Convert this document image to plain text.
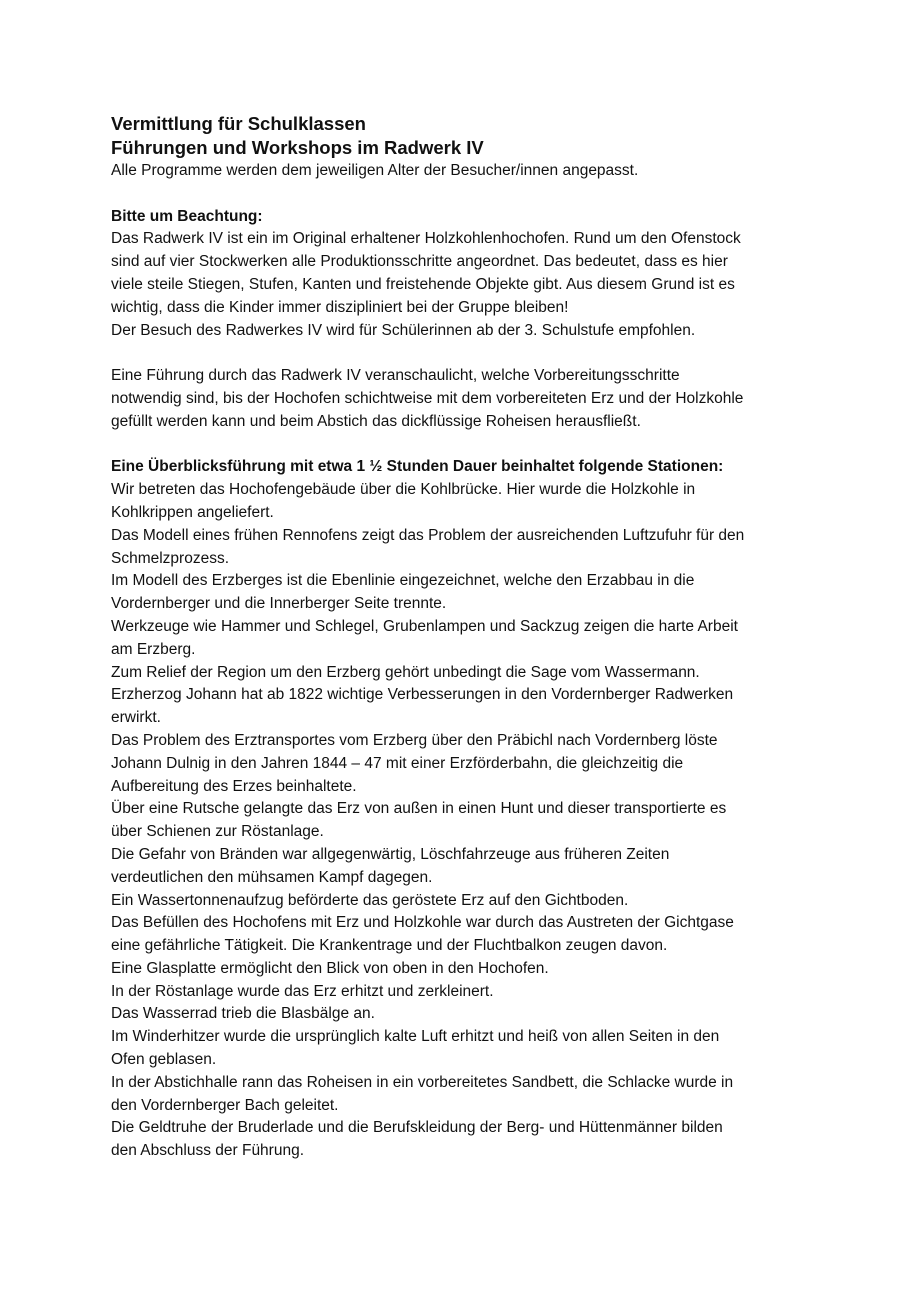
Vermittlung für Schulklassen
Führungen und Workshops im Radwerk IV

Alle Programme werden dem jeweiligen Alter der Besucher/innen angepasst.

Bitte um Beachtung:

Das Radwerk IV ist ein im Original erhaltener Holzkohlenhochofen. Rund um den Ofenstock

sind auf vier Stockwerken alle Produktionsschritte angeordnet. Das bedeutet, dass es hier

viele steile Stiegen, Stufen, Kanten und freistehende Objekte gibt. Aus diesem Grund ist es

wichtig, dass die Kinder immer diszipliniert bei der Gruppe bleiben!

Der Besuch des Radwerkes IV wird für Schülerinnen ab der 3. Schulstufe empfohlen.

Eine Führung durch das Radwerk IV veranschaulicht, welche Vorbereitungsschritte

notwendig sind, bis der Hochofen schichtweise mit dem vorbereiteten Erz und der Holzkohle

gefüllt werden kann und beim Abstich das dickflüssige Roheisen herausfließt.

Eine Überblicksführung mit etwa 1 ½ Stunden Dauer beinhaltet folgende Stationen:

Wir betreten das Hochofengebäude über die Kohlbrücke. Hier wurde die Holzkohle in

Kohlkrippen angeliefert.

Das Modell eines frühen Rennofens zeigt das Problem der ausreichenden Luftzufuhr für den

Schmelzprozess.

Im Modell des Erzberges ist die Ebenlinie eingezeichnet, welche den Erzabbau in die

Vordernberger und die Innerberger Seite trennte.

Werkzeuge wie Hammer und Schlegel, Grubenlampen und Sackzug zeigen die harte Arbeit

am Erzberg.

Zum Relief der Region um den Erzberg gehört unbedingt die Sage vom Wassermann.

Erzherzog Johann hat ab 1822 wichtige Verbesserungen in den Vordernberger Radwerken

erwirkt.

Das Problem des Erztransportes vom Erzberg über den Präbichl nach Vordernberg löste

Johann Dulnig in den Jahren 1844 – 47 mit einer Erzförderbahn, die gleichzeitig die

Aufbereitung des Erzes beinhaltete.

Über eine Rutsche gelangte das Erz von außen in einen Hunt und dieser transportierte es

über Schienen zur Röstanlage.

Die Gefahr von Bränden war allgegenwärtig, Löschfahrzeuge aus früheren Zeiten

verdeutlichen den mühsamen Kampf dagegen.

Ein Wassertonnenaufzug beförderte das geröstete Erz auf den Gichtboden.

Das Befüllen des Hochofens mit Erz und Holzkohle war durch das Austreten der Gichtgase

eine gefährliche Tätigkeit. Die Krankentrage und der Fluchtbalkon zeugen davon.

Eine Glasplatte ermöglicht den Blick von oben in den Hochofen.

In der Röstanlage wurde das Erz erhitzt und zerkleinert.

Das Wasserrad trieb die Blasbälge an.

Im Winderhitzer wurde die ursprünglich kalte Luft erhitzt und heiß von allen Seiten in den

Ofen geblasen.

In der Abstichhalle rann das Roheisen in ein vorbereitetes Sandbett, die Schlacke wurde in

den Vordernberger Bach geleitet.

Die Geldtruhe der Bruderlade und die Berufskleidung der Berg- und Hüttenmänner bilden

den Abschluss der Führung.
